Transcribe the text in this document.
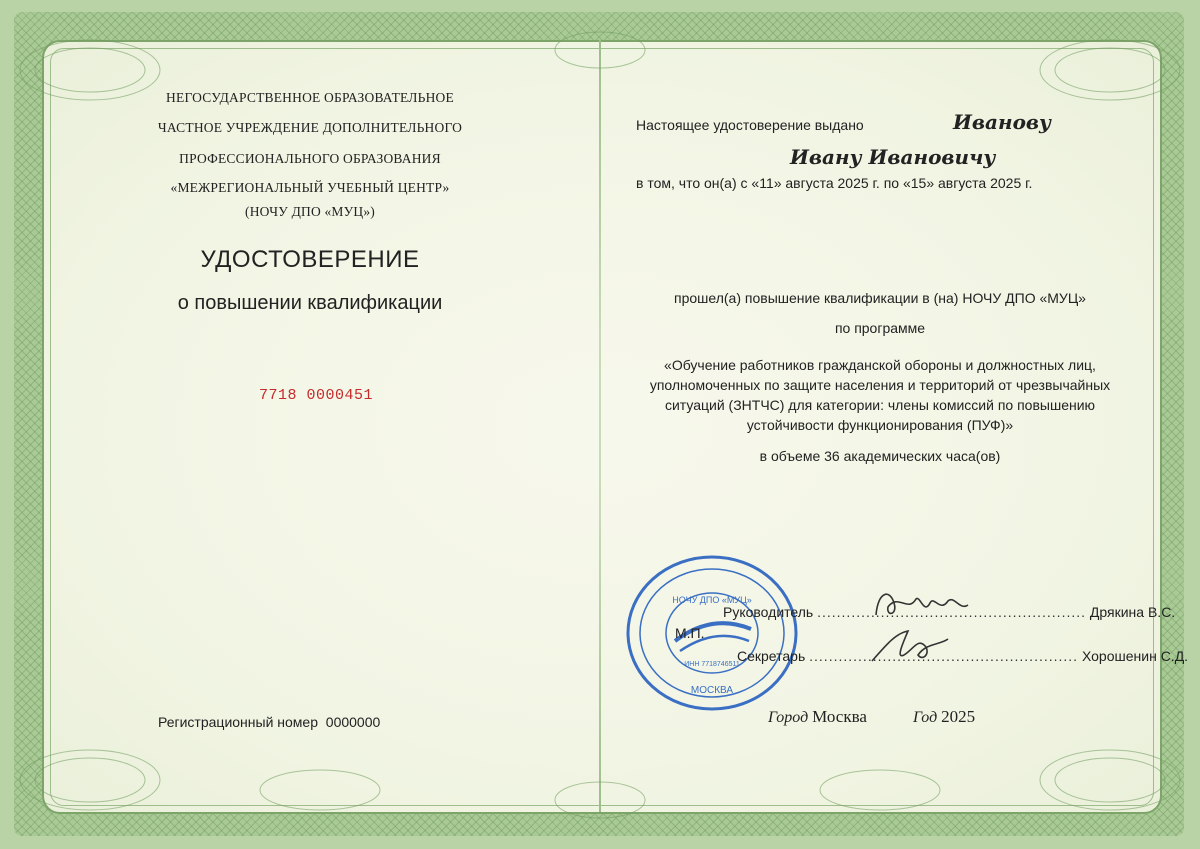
НЕГОСУДАРСТВЕННОЕ ОБРАЗОВАТЕЛЬНОЕ
ЧАСТНОЕ УЧРЕЖДЕНИЕ ДОПОЛНИТЕЛЬНОГО
ПРОФЕССИОНАЛЬНОГО ОБРАЗОВАНИЯ
«МЕЖРЕГИОНАЛЬНЫЙ УЧЕБНЫЙ ЦЕНТР»
(НОЧУ ДПО «МУЦ»)
УДОСТОВЕРЕНИЕ
о повышении квалификации
7718 0000451
Регистрационный номер 0000000
Настоящее удостоверение выдано	Иванову
Ивану Ивановичу
в том, что он(а) с «11» августа 2025 г. по «15» августа 2025 г.
прошел(а) повышение квалификации в (на) НОЧУ ДПО «МУЦ»
по программе
«Обучение работников гражданской обороны и должностных лиц, уполномоченных по защите населения и территорий от чрезвычайных ситуаций (ЗНТЧС) для категории: члены комиссий по повышению устойчивости функционирования (ПУФ)»
в объеме 36 академических часа(ов)
НОЧУ ДПО «МУЦ»
МОСКВА
ИНН 7718746511
М.П.
Руководитель ....................................................... Дрякина В.С.
Секретарь ....................................................... Хорошенин С.Д.
Город Москва	Год 2025
